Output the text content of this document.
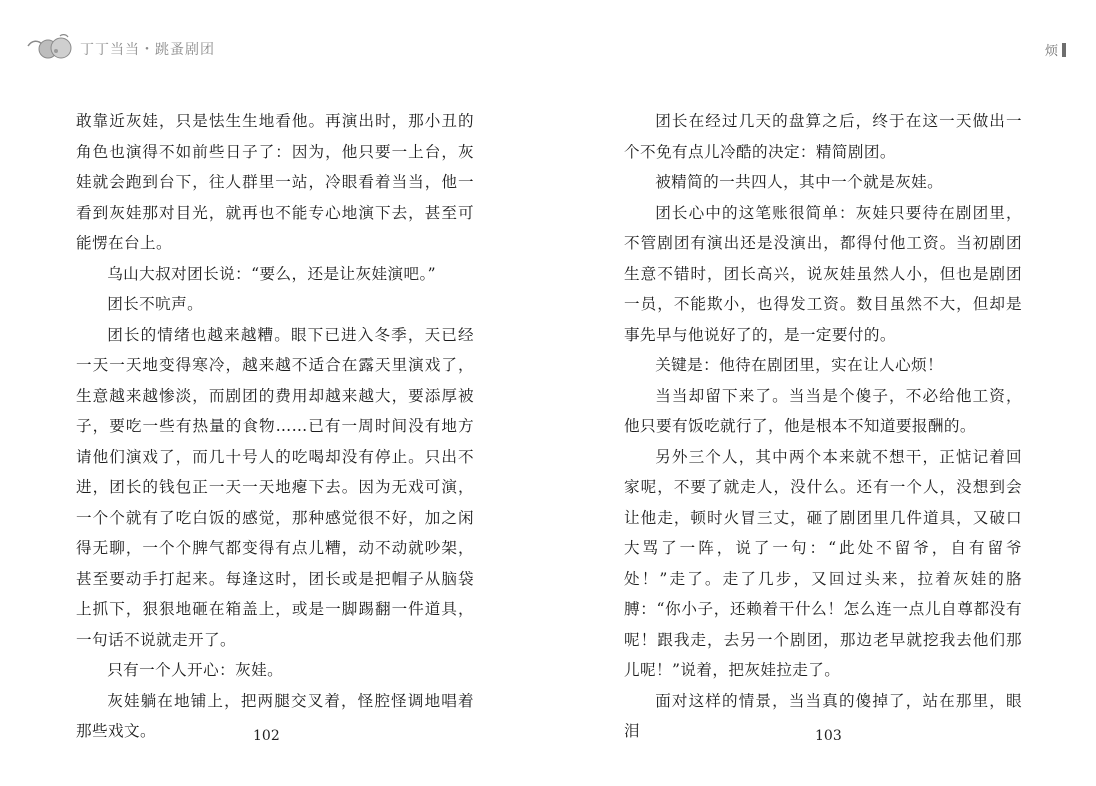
丁丁当当・跳蚤剧团	烦

敢靠近灰娃，只是怯生生地看他。再演出时，那小丑的角色也演得不如前些日子了：因为，他只要一上台，灰娃就会跑到台下，往人群里一站，冷眼看着当当，他一看到灰娃那对目光，就再也不能专心地演下去，甚至可能愣在台上。

乌山大叔对团长说：“要么，还是让灰娃演吧。”

团长不吭声。

团长的情绪也越来越糟。眼下已进入冬季，天已经一天一天地变得寒冷，越来越不适合在露天里演戏了，生意越来越惨淡，而剧团的费用却越来越大，要添厚被子，要吃一些有热量的食物……已有一周时间没有地方请他们演戏了，而几十号人的吃喝却没有停止。只出不进，团长的钱包正一天一天地瘪下去。因为无戏可演，一个个就有了吃白饭的感觉，那种感觉很不好，加之闲得无聊，一个个脾气都变得有点儿糟，动不动就吵架，甚至要动手打起来。每逢这时，团长或是把帽子从脑袋上抓下，狠狠地砸在箱盖上，或是一脚踢翻一件道具，一句话不说就走开了。

只有一个人开心：灰娃。

灰娃躺在地铺上，把两腿交叉着，怪腔怪调地唱着那些戏文。

团长在经过几天的盘算之后，终于在这一天做出一个不免有点儿冷酷的决定：精简剧团。

被精简的一共四人，其中一个就是灰娃。

团长心中的这笔账很简单：灰娃只要待在剧团里，不管剧团有演出还是没演出，都得付他工资。当初剧团生意不错时，团长高兴，说灰娃虽然人小，但也是剧团一员，不能欺小，也得发工资。数目虽然不大，但却是事先早与他说好了的，是一定要付的。

关键是：他待在剧团里，实在让人心烦！

当当却留下来了。当当是个傻子，不必给他工资，他只要有饭吃就行了，他是根本不知道要报酬的。

另外三个人，其中两个本来就不想干，正惦记着回家呢，不要了就走人，没什么。还有一个人，没想到会让他走，顿时火冒三丈，砸了剧团里几件道具，又破口大骂了一阵，说了一句：“此处不留爷，自有留爷处！”走了。走了几步，又回过头来，拉着灰娃的胳膊：“你小子，还赖着干什么！怎么连一点儿自尊都没有呢！跟我走，去另一个剧团，那边老早就挖我去他们那儿呢！”说着，把灰娃拉走了。

面对这样的情景，当当真的傻掉了，站在那里，眼泪

102	103
